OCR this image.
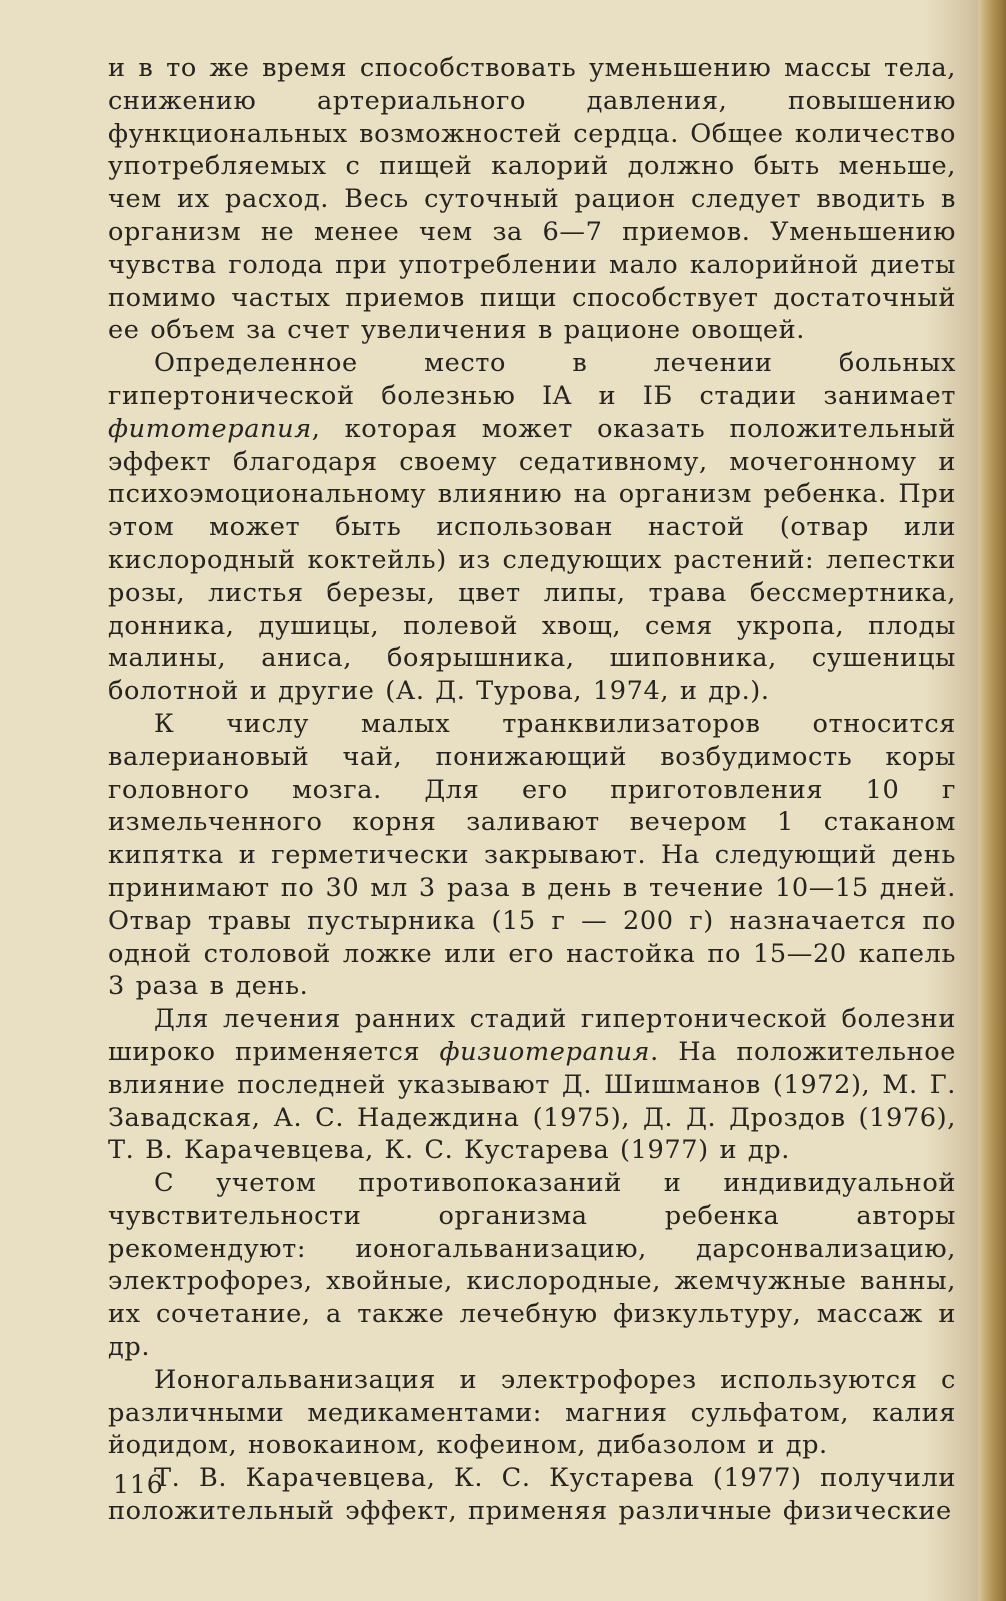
и в то же время способствовать уменьшению массы тела, снижению артериального давления, повышению функциональных возможностей сердца. Общее количество употребляемых с пищей калорий должно быть меньше, чем их расход. Весь суточный рацион следует вводить в организм не менее чем за 6—7 приемов. Уменьшению чувства голода при употреблении мало калорийной диеты помимо частых приемов пищи способствует достаточный ее объем за счет увеличения в рационе овощей.

Определенное место в лечении больных гипертонической болезнью IA и IБ стадии занимает фитотерапия, которая может оказать положительный эффект благодаря своему седативному, мочегонному и психоэмоциональному влиянию на организм ребенка. При этом может быть использован настой (отвар или кислородный коктейль) из следующих растений: лепестки розы, листья березы, цвет липы, трава бессмертника, донника, душицы, полевой хвощ, семя укропа, плоды малины, аниса, боярышника, шиповника, сушеницы болотной и другие (А. Д. Турова, 1974, и др.).

К числу малых транквилизаторов относится валериановый чай, понижающий возбудимость коры головного мозга. Для его приготовления 10 г измельченного корня заливают вечером 1 стаканом кипятка и герметически закрывают. На следующий день принимают по 30 мл 3 раза в день в течение 10—15 дней. Отвар травы пустырника (15 г — 200 г) назначается по одной столовой ложке или его настойка по 15—20 капель 3 раза в день.

Для лечения ранних стадий гипертонической болезни широко применяется физиотерапия. На положительное влияние последней указывают Д. Шишманов (1972), М. Г. Завадская, А. С. Надеждина (1975), Д. Д. Дроздов (1976), Т. В. Карачевцева, К. С. Кустарева (1977) и др.

С учетом противопоказаний и индивидуальной чувствительности организма ребенка авторы рекомендуют: ионогальванизацию, дарсонвализацию, электрофорез, хвойные, кислородные, жемчужные ванны, их сочетание, а также лечебную физкультуру, массаж и др.

Ионогальванизация и электрофорез используются с различными медикаментами: магния сульфатом, калия йодидом, новокаином, кофеином, дибазолом и др.

Т. В. Карачевцева, К. С. Кустарева (1977) получили положительный эффект, применяя различные физические

116
